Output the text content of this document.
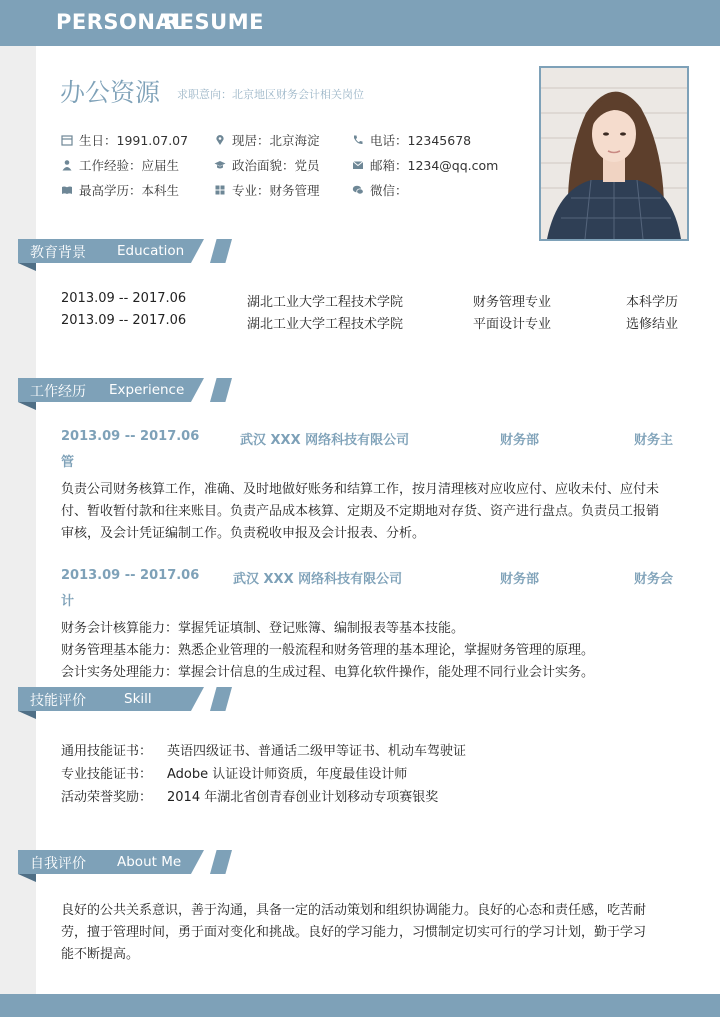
PERSONAL
RESUME
办公资源 求职意向：北京地区财务会计相关岗位
生日：1991.07.07	现居：北京海淀	电话：12345678
工作经验：应届生	政治面貌：党员	邮箱：1234@qq.com
最高学历：本科生	专业：财务管理	微信：
教育背景 Education
2013.09 -- 2017.06	湖北工业大学工程技术学院	财务管理专业	本科学历
2013.09 -- 2017.06	湖北工业大学工程技术学院	平面设计专业	选修结业
工作经历 Experience
2013.09 -- 2017.06	武汉 XXX 网络科技有限公司	财务部	财务主
管
负责公司财务核算工作，准确、及时地做好账务和结算工作，按月清理核对应收应付、应收未付、应付未
付、暂收暂付款和往来账目。负责产品成本核算、定期及不定期地对存货、资产进行盘点。负责员工报销
审核，及会计凭证编制工作。负责税收申报及会计报表、分析。
2013.09 -- 2017.06	武汉 XXX 网络科技有限公司	财务部	财务会
计
财务会计核算能力：掌握凭证填制、登记账簿、编制报表等基本技能。
财务管理基本能力：熟悉企业管理的一般流程和财务管理的基本理论，掌握财务管理的原理。
会计实务处理能力：掌握会计信息的生成过程、电算化软件操作，能处理不同行业会计实务。
技能评价	Skill
通用技能证书： 英语四级证书、普通话二级甲等证书、机动车驾驶证
专业技能证书： Adobe 认证设计师资质，年度最佳设计师
活动荣誉奖励： 2014 年湖北省创青春创业计划移动专项赛银奖
自我评价 About Me
良好的公共关系意识，善于沟通，具备一定的活动策划和组织协调能力。良好的心态和责任感，吃苦耐
劳，擅于管理时间，勇于面对变化和挑战。良好的学习能力，习惯制定切实可行的学习计划，勤于学习
能不断提高。
